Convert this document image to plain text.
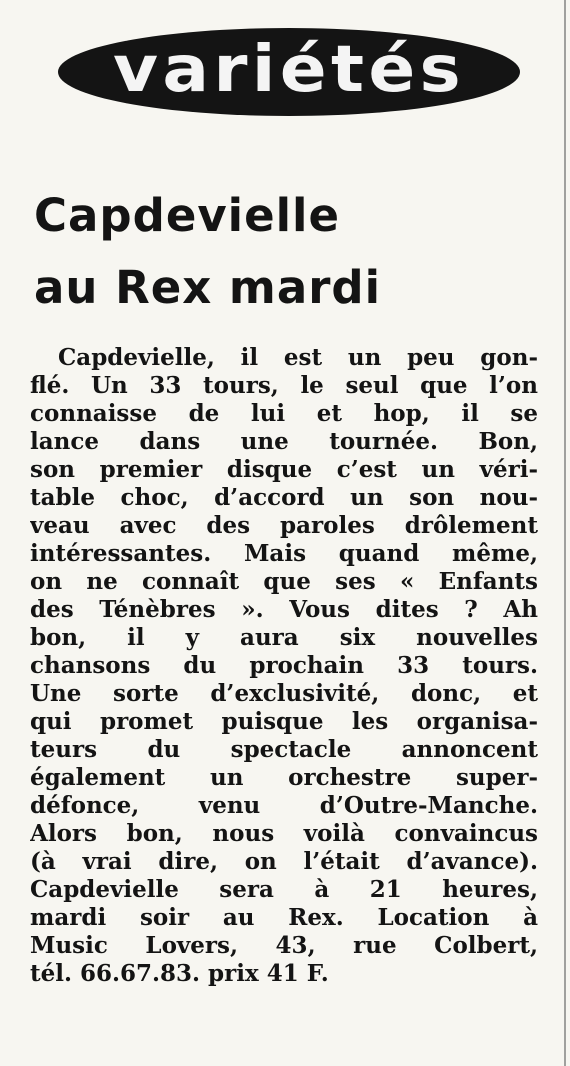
variétés
Capdevielle
au Rex mardi
Capdevielle, il est un peu gon-
flé. Un 33 tours, le seul que l’on
connaisse de lui et hop, il se
lance dans une tournée. Bon,
son premier disque c’est un véri-
table choc, d’accord un son nou-
veau avec des paroles drôlement
intéressantes. Mais quand même,
on ne connaît que ses « Enfants
des Ténèbres ». Vous dites ? Ah
bon, il y aura six nouvelles
chansons du prochain 33 tours.
Une sorte d’exclusivité, donc, et
qui promet puisque les organisa-
teurs du spectacle annoncent
également un orchestre super-
défonce, venu d’Outre-Manche.
Alors bon, nous voilà convaincus
(à vrai dire, on l’était d’avance).
Capdevielle sera à 21 heures,
mardi soir au Rex. Location à
Music Lovers, 43, rue Colbert,
tél. 66.67.83. prix 41 F.
